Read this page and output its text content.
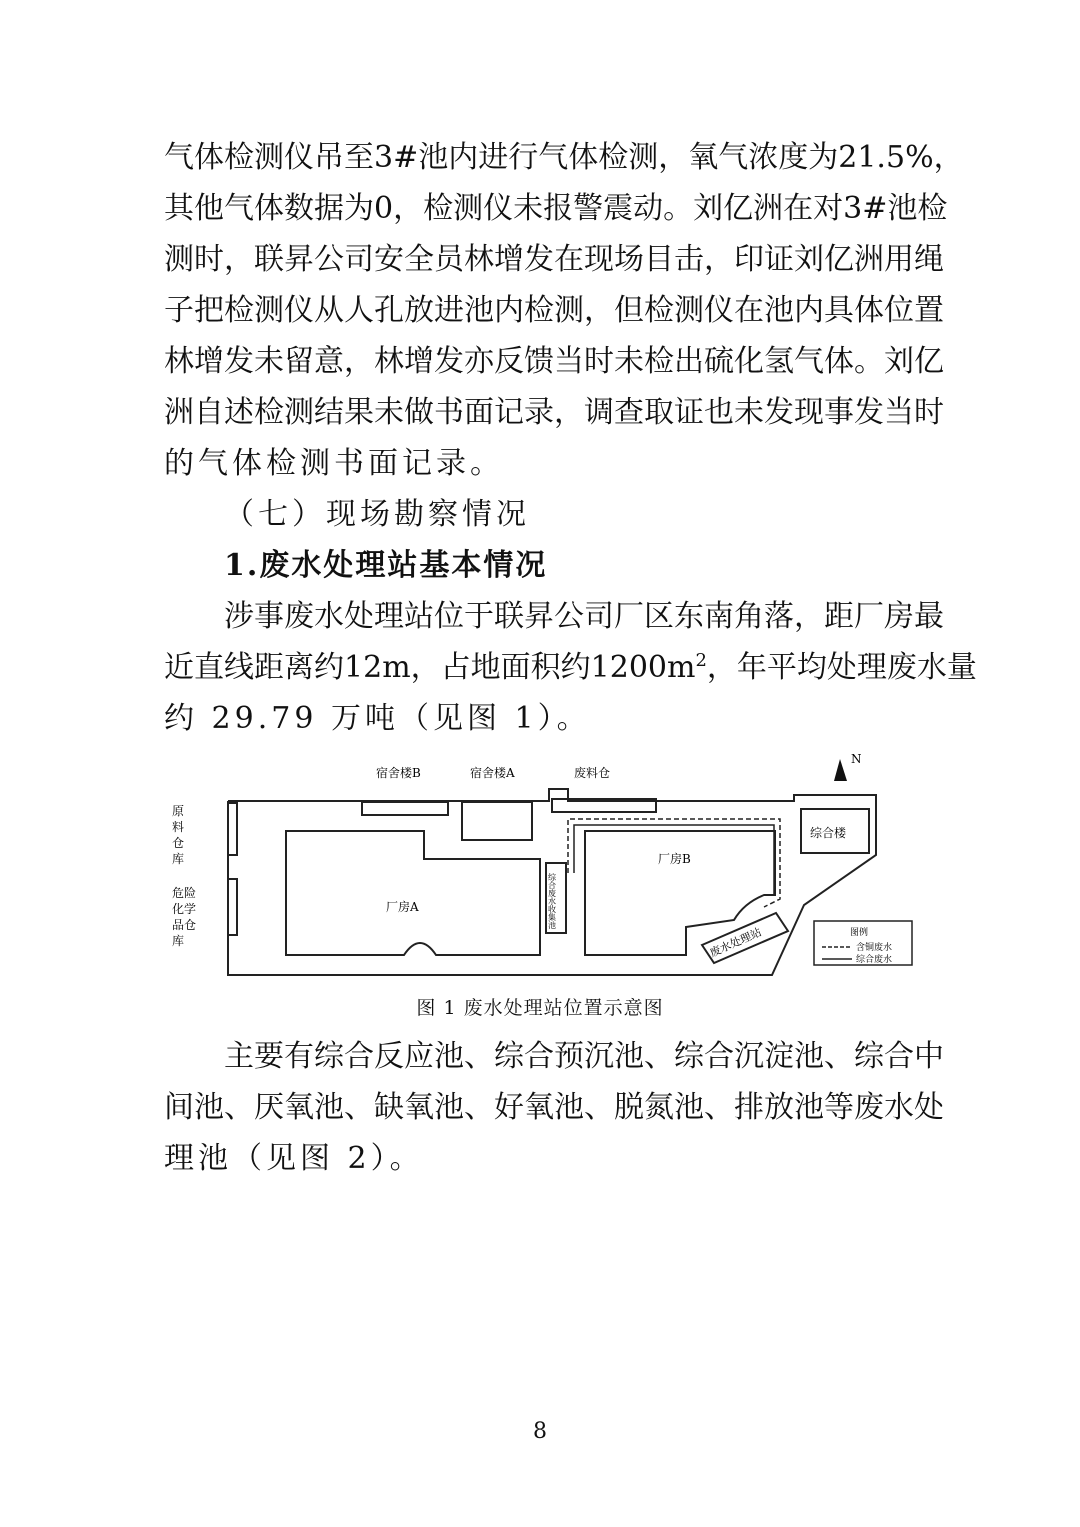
气 体 检 测 仪 吊 至 3 # 池 内 进 行 气 体 检 测 ， 氧 气 浓 度 为 2 1 . 5 % ，
其 他 气 体 数 据 为 0 ， 检 测 仪 未 报 警 震 动 。 刘 亿 洲 在 对 3 # 池 检
测 时 ， 联 昇 公 司 安 全 员 林 增 发 在 现 场 目 击 ， 印 证 刘 亿 洲 用 绳
子 把 检 测 仪 从 人 孔 放 进 池 内 检 测 ， 但 检 测 仪 在 池 内 具 体 位 置
林 增 发 未 留 意 ， 林 增 发 亦 反 馈 当 时 未 检 出 硫 化 氢 气 体 。 刘 亿
洲 自 述 检 测 结 果 未 做 书 面 记 录 ， 调 查 取 证 也 未 发 现 事 发 当 时
的气体检测书面记录。
（七）现场勘察情况
1.废水处理站基本情况
涉 事 废 水 处 理 站 位 于 联 昇 公 司 厂 区 东 南 角 落 ， 距 厂 房 最
近 直 线 距 离 约 1 2 m ， 占 地 面 积 约 1 2 0 0 m $^2$ ， 年 平 均 处 理 废 水 量
约 29.79 万吨（见图 1）。
N
宿舍楼B	宿舍楼A	废料仓
综合楼
原
料
仓
库
危险
化学
品仓
库
厂房A
厂房B
综合废水收集池
废水处理站	图例
含铜废水
综合废水
图 1 废水处理站位置示意图
主 要 有 综 合 反 应 池 、 综 合 预 沉 池 、 综 合 沉 淀 池 、 综 合 中
间 池 、 厌 氧 池 、 缺 氧 池 、 好 氧 池 、 脱 氮 池 、 排 放 池 等 废 水 处
理池（见图 2）。
8
